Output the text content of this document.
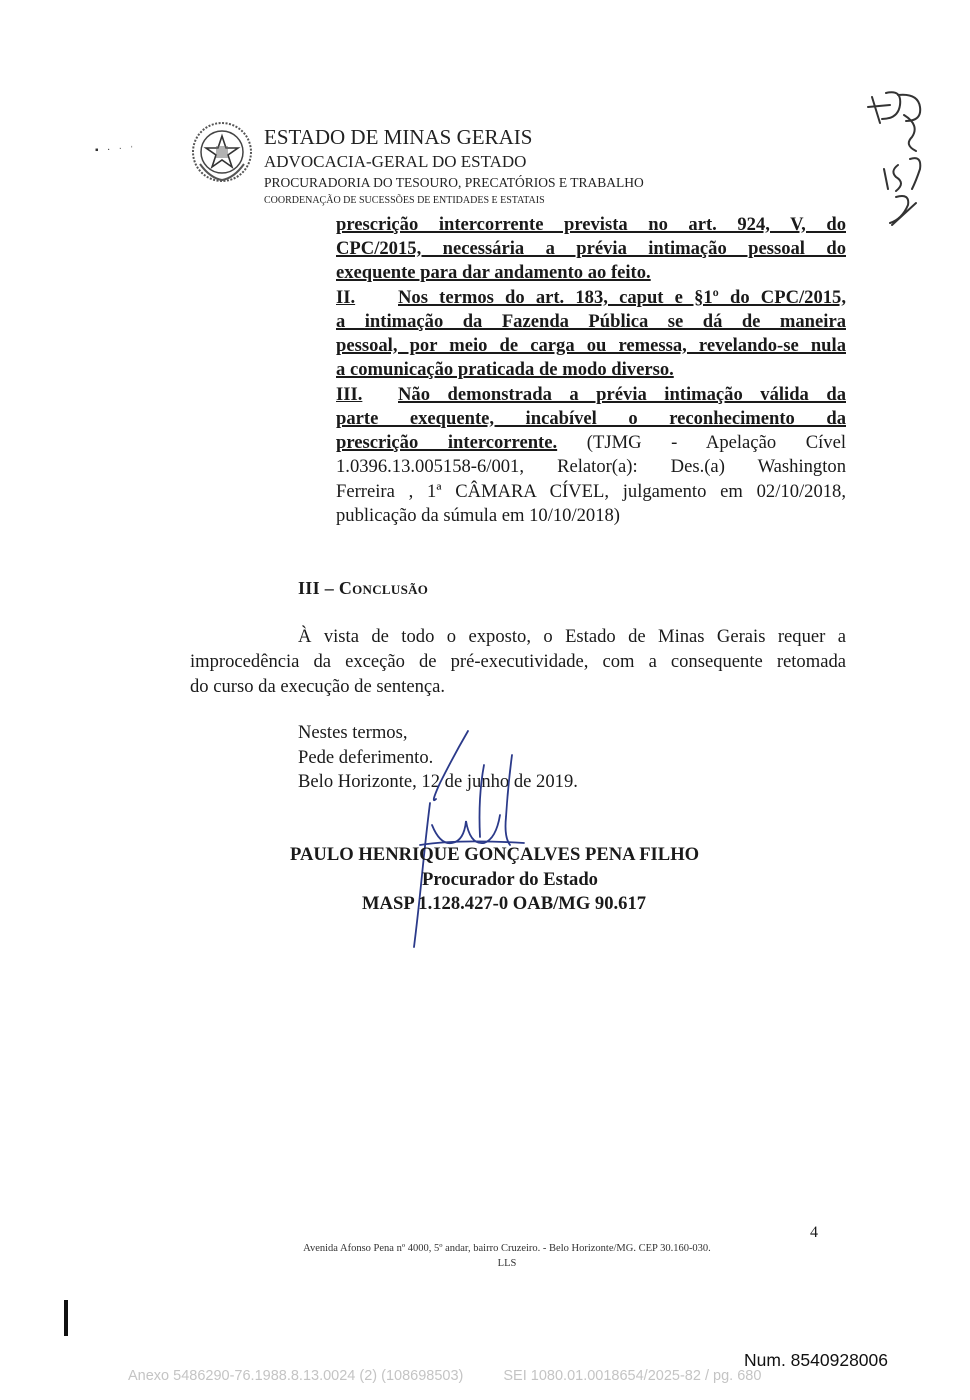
▪ · ˑ ˈ
ESTADO DE MINAS GERAIS
ADVOCACIA-GERAL DO ESTADO
PROCURADORIA DO TESOURO, PRECATÓRIOS E TRABALHO
COORDENAÇÃO DE SUCESSÕES DE ENTIDADES E ESTATAIS
prescrição intercorrente prevista no art. 924, V, do
CPC/2015, necessária a prévia intimação pessoal do
exequente para dar andamento ao feito.
II. Nos termos do art. 183, caput e §1º do CPC/2015,
a intimação da Fazenda Pública se dá de maneira
pessoal, por meio de carga ou remessa, revelando-se nula
a comunicação praticada de modo diverso.
III. Não demonstrada a prévia intimação válida da
parte exequente, incabível o reconhecimento da
prescrição intercorrente. (TJMG - Apelação Cível
1.0396.13.005158-6/001, Relator(a): Des.(a) Washington
Ferreira , 1ª CÂMARA CÍVEL, julgamento em 02/10/2018,
publicação da súmula em 10/10/2018)
III – Conclusão
À vista de todo o exposto, o Estado de Minas Gerais requer a
improcedência da exceção de pré-executividade, com a consequente retomada
do curso da execução de sentença.
Nestes termos,
Pede deferimento.
Belo Horizonte, 12 de junho de 2019.
PAULO HENRIQUE GONÇALVES PENA FILHO
Procurador do Estado
MASP 1.128.427-0 OAB/MG 90.617
4
Avenida Afonso Pena nº 4000, 5º andar, bairro Cruzeiro. - Belo Horizonte/MG. CEP 30.160-030.
LLS
Num. 8540928006
Anexo 5486290-76.1988.8.13.0024 (2) (108698503)	SEI 1080.01.0018654/2025-82 / pg. 680
